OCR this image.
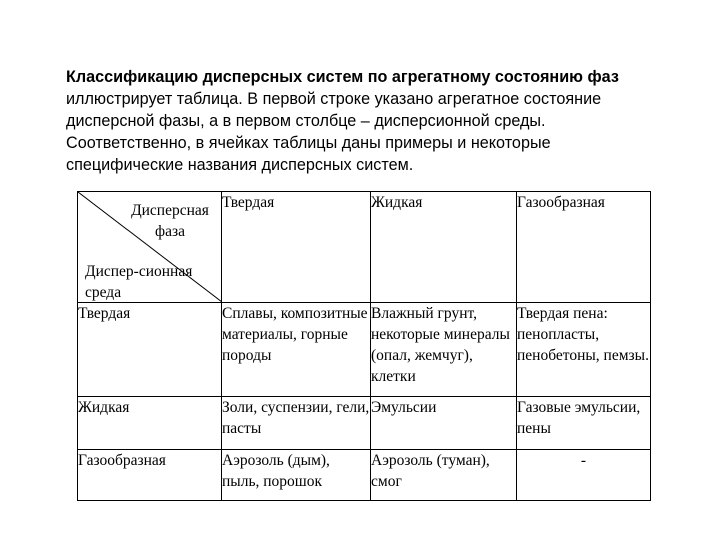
Классификацию дисперсных систем по агрегатному состоянию фаз иллюстрирует таблица. В первой строке указано агрегатное состояние дисперсной фазы, а в первом столбце – дисперсионной среды. Соответственно, в ячейках таблицы даны примеры и некоторые специфические названия дисперсных систем.

Дисперсная фаза
Диспер-сионная среда	Твердая	Жидкая	Газообразная
Твердая	Сплавы, композитные материалы, горные породы	Влажный грунт, некоторые минералы (опал, жемчуг), клетки	Твердая пена: пенопласты, пенобетоны, пемзы.
Жидкая	Золи, суспензии, гели, пасты	Эмульсии	Газовые эмульсии, пены
Газообразная	Аэрозоль (дым), пыль, порошок	Аэрозоль (туман), смог	-
